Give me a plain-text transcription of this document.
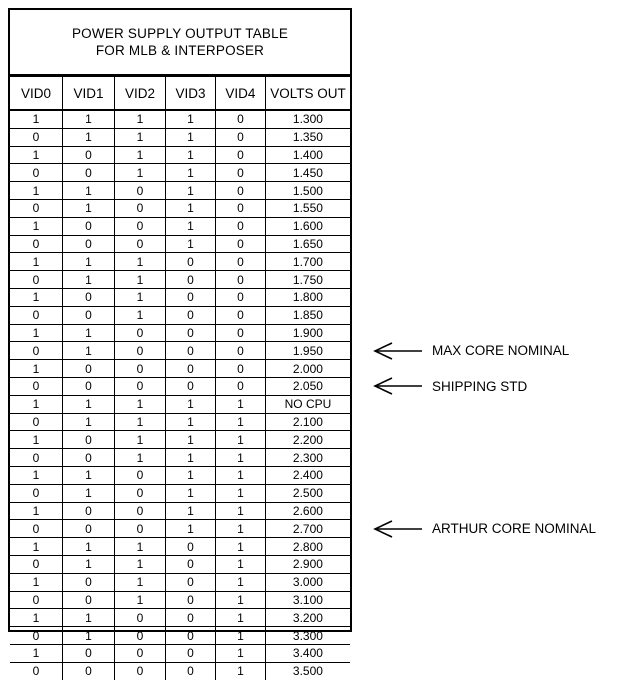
POWER SUPPLY OUTPUT TABLE
FOR MLB & INTERPOSER
VID0	VID1	VID2	VID3	VID4	VOLTS OUT
1	1	1	1	0	1.300
0	1	1	1	0	1.350
1	0	1	1	0	1.400
0	0	1	1	0	1.450
1	1	0	1	0	1.500
0	1	0	1	0	1.550
1	0	0	1	0	1.600
0	0	0	1	0	1.650
1	1	1	0	0	1.700
0	1	1	0	0	1.750
1	0	1	0	0	1.800
0	0	1	0	0	1.850
1	1	0	0	0	1.900
0	1	0	0	0	1.950
1	0	0	0	0	2.000
0	0	0	0	0	2.050
1	1	1	1	1	NO CPU
0	1	1	1	1	2.100
1	0	1	1	1	2.200
0	0	1	1	1	2.300
1	1	0	1	1	2.400
0	1	0	1	1	2.500
1	0	0	1	1	2.600
0	0	0	1	1	2.700
1	1	1	0	1	2.800
0	1	1	0	1	2.900
1	0	1	0	1	3.000
0	0	1	0	1	3.100
1	1	0	0	1	3.200
0	1	0	0	1	3.300
1	0	0	0	1	3.400
0	0	0	0	1	3.500
MAX CORE NOMINAL
SHIPPING STD
ARTHUR CORE NOMINAL
